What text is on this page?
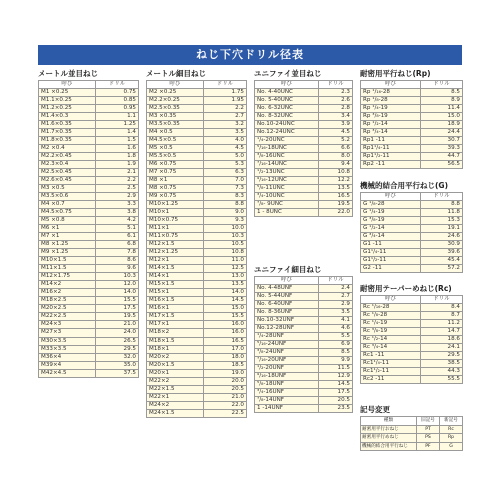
ねじ下穴ドリル径表
メートル並目ねじ
呼び	ドリル
M1 ×0.25	0.75
M1.1×0.25	0.85
M1.2×0.25	0.95
M1.4×0.3	1.1
M1.6×0.35	1.25
M1.7×0.35	1.4
M1.8×0.35	1.5
M2 ×0.4	1.6
M2.2×0.45	1.8
M2.3×0.4	1.9
M2.5×0.45	2.1
M2.6×0.45	2.2
M3 ×0.5	2.5
M3.5×0.6	2.9
M4 ×0.7	3.3
M4.5×0.75	3.8
M5 ×0.8	4.2
M6 ×1	5.1
M7 ×1	6.1
M8 ×1.25	6.8
M9 ×1.25	7.8
M10×1.5	8.6
M11×1.5	9.6
M12×1.75	10.3
M14×2	12.0
M16×2	14.0
M18×2.5	15.5
M20×2.5	17.5
M22×2.5	19.5
M24×3	21.0
M27×3	24.0
M30×3.5	26.5
M33×3.5	29.5
M36×4	32.0
M39×4	35.0
M42×4.5	37.5
メートル細目ねじ
呼び	ドリル
M2 ×0.25	1.75
M2.2×0.25	1.95
M2.5×0.35	2.2
M3 ×0.35	2.7
M3.5×0.35	3.2
M4 ×0.5	3.5
M4.5×0.5	4.0
M5 ×0.5	4.5
M5.5×0.5	5.0
M6 ×0.75	5.3
M7 ×0.75	6.3
M8 ×1	7.0
M8 ×0.75	7.3
M9 ×0.75	8.3
M10×1.25	8.8
M10×1	9.0
M10×0.75	9.3
M11×1	10.0
M11×0.75	10.3
M12×1.5	10.5
M12×1.25	10.8
M12×1	11.0
M14×1.5	12.5
M14×1	13.0
M15×1.5	13.5
M15×1	14.0
M16×1.5	14.5
M16×1	15.0
M17×1.5	15.5
M17×1	16.0
M18×2	16.0
M18×1.5	16.5
M18×1	17.0
M20×2	18.0
M20×1.5	18.5
M20×1	19.0
M22×2	20.0
M22×1.5	20.5
M22×1	21.0
M24×2	22.0
M24×1.5	22.5
ユニファイ並目ねじ
呼び	ドリル
No. 4-40UNC	2.3
No. 5-40UNC	2.6
No. 6-32UNC	2.8
No. 8-32UNC	3.4
No.10-24UNC	3.9
No.12-24UNC	4.5
¹/₄-20UNC	5.2
⁵/₁₆-18UNC	6.6
³/₈-16UNC	8.0
⁷/₁₆-14UNC	9.4
¹/₂-13UNC	10.8
⁹/₁₆-12UNC	12.2
⁵/₈-11UNC	13.5
³/₄-10UNC	16.5
⁷/₈- 9UNC	19.5
1 - 8UNC	22.0
ユニファイ細目ねじ
呼び	ドリル
No. 4-48UNF	2.4
No. 5-44UNF	2.7
No. 6-40UNF	2.9
No. 8-36UNF	3.5
No.10-32UNF	4.1
No.12-28UNF	4.6
¹/₄-28UNF	5.5
⁵/₁₆-24UNF	6.9
³/₈-24UNF	8.5
⁷/₁₆-20UNF	9.9
¹/₂-20UNF	11.5
⁹/₁₆-18UNF	12.9
⁵/₈-18UNF	14.5
³/₄-16UNF	17.5
⁷/₈-14UNF	20.5
1 -14UNF	23.5
耐密用平行ねじ(Rp)
呼び	ドリル
Rp ¹/₁₆-28	8.5
Rp ¹/₈-28	8.9
Rp ¹/₄-19	11.4
Rp ³/₈-19	15.0
Rp ¹/₂-14	18.9
Rp ³/₄-14	24.4
Rp1 -11	30.7
Rp1¹/₄-11	39.3
Rp1¹/₂-11	44.7
Rp2 -11	56.5
機械的結合用平行ねじ(G)
呼び	ドリル
G ¹/₈-28	8.8
G ¹/₄-19	11.8
G ³/₈-19	15.3
G ¹/₂-14	19.1
G ³/₄-14	24.6
G1 -11	30.9
G1¹/₄-11	39.6
G1¹/₂-11	45.4
G2 -11	57.2
耐密用テーパーめねじ(Rc)
呼び	ドリル
Rc ¹/₁₆-28	8.4
Rc ¹/₈-28	8.7
Rc ¹/₄-19	11.2
Rc ³/₈-19	14.7
Rc ¹/₂-14	18.6
Rc ³/₄-14	24.1
Rc1 -11	29.5
Rc1¹/₄-11	38.5
Rc1¹/₂-11	44.3
Rc2 -11	55.5
記号変更
種類	旧記号	新記号
耐密用平行おねじ	PT	Rc
耐密用平行めねじ	PS	Rp
機械的結合用平行ねじ	PF	G
